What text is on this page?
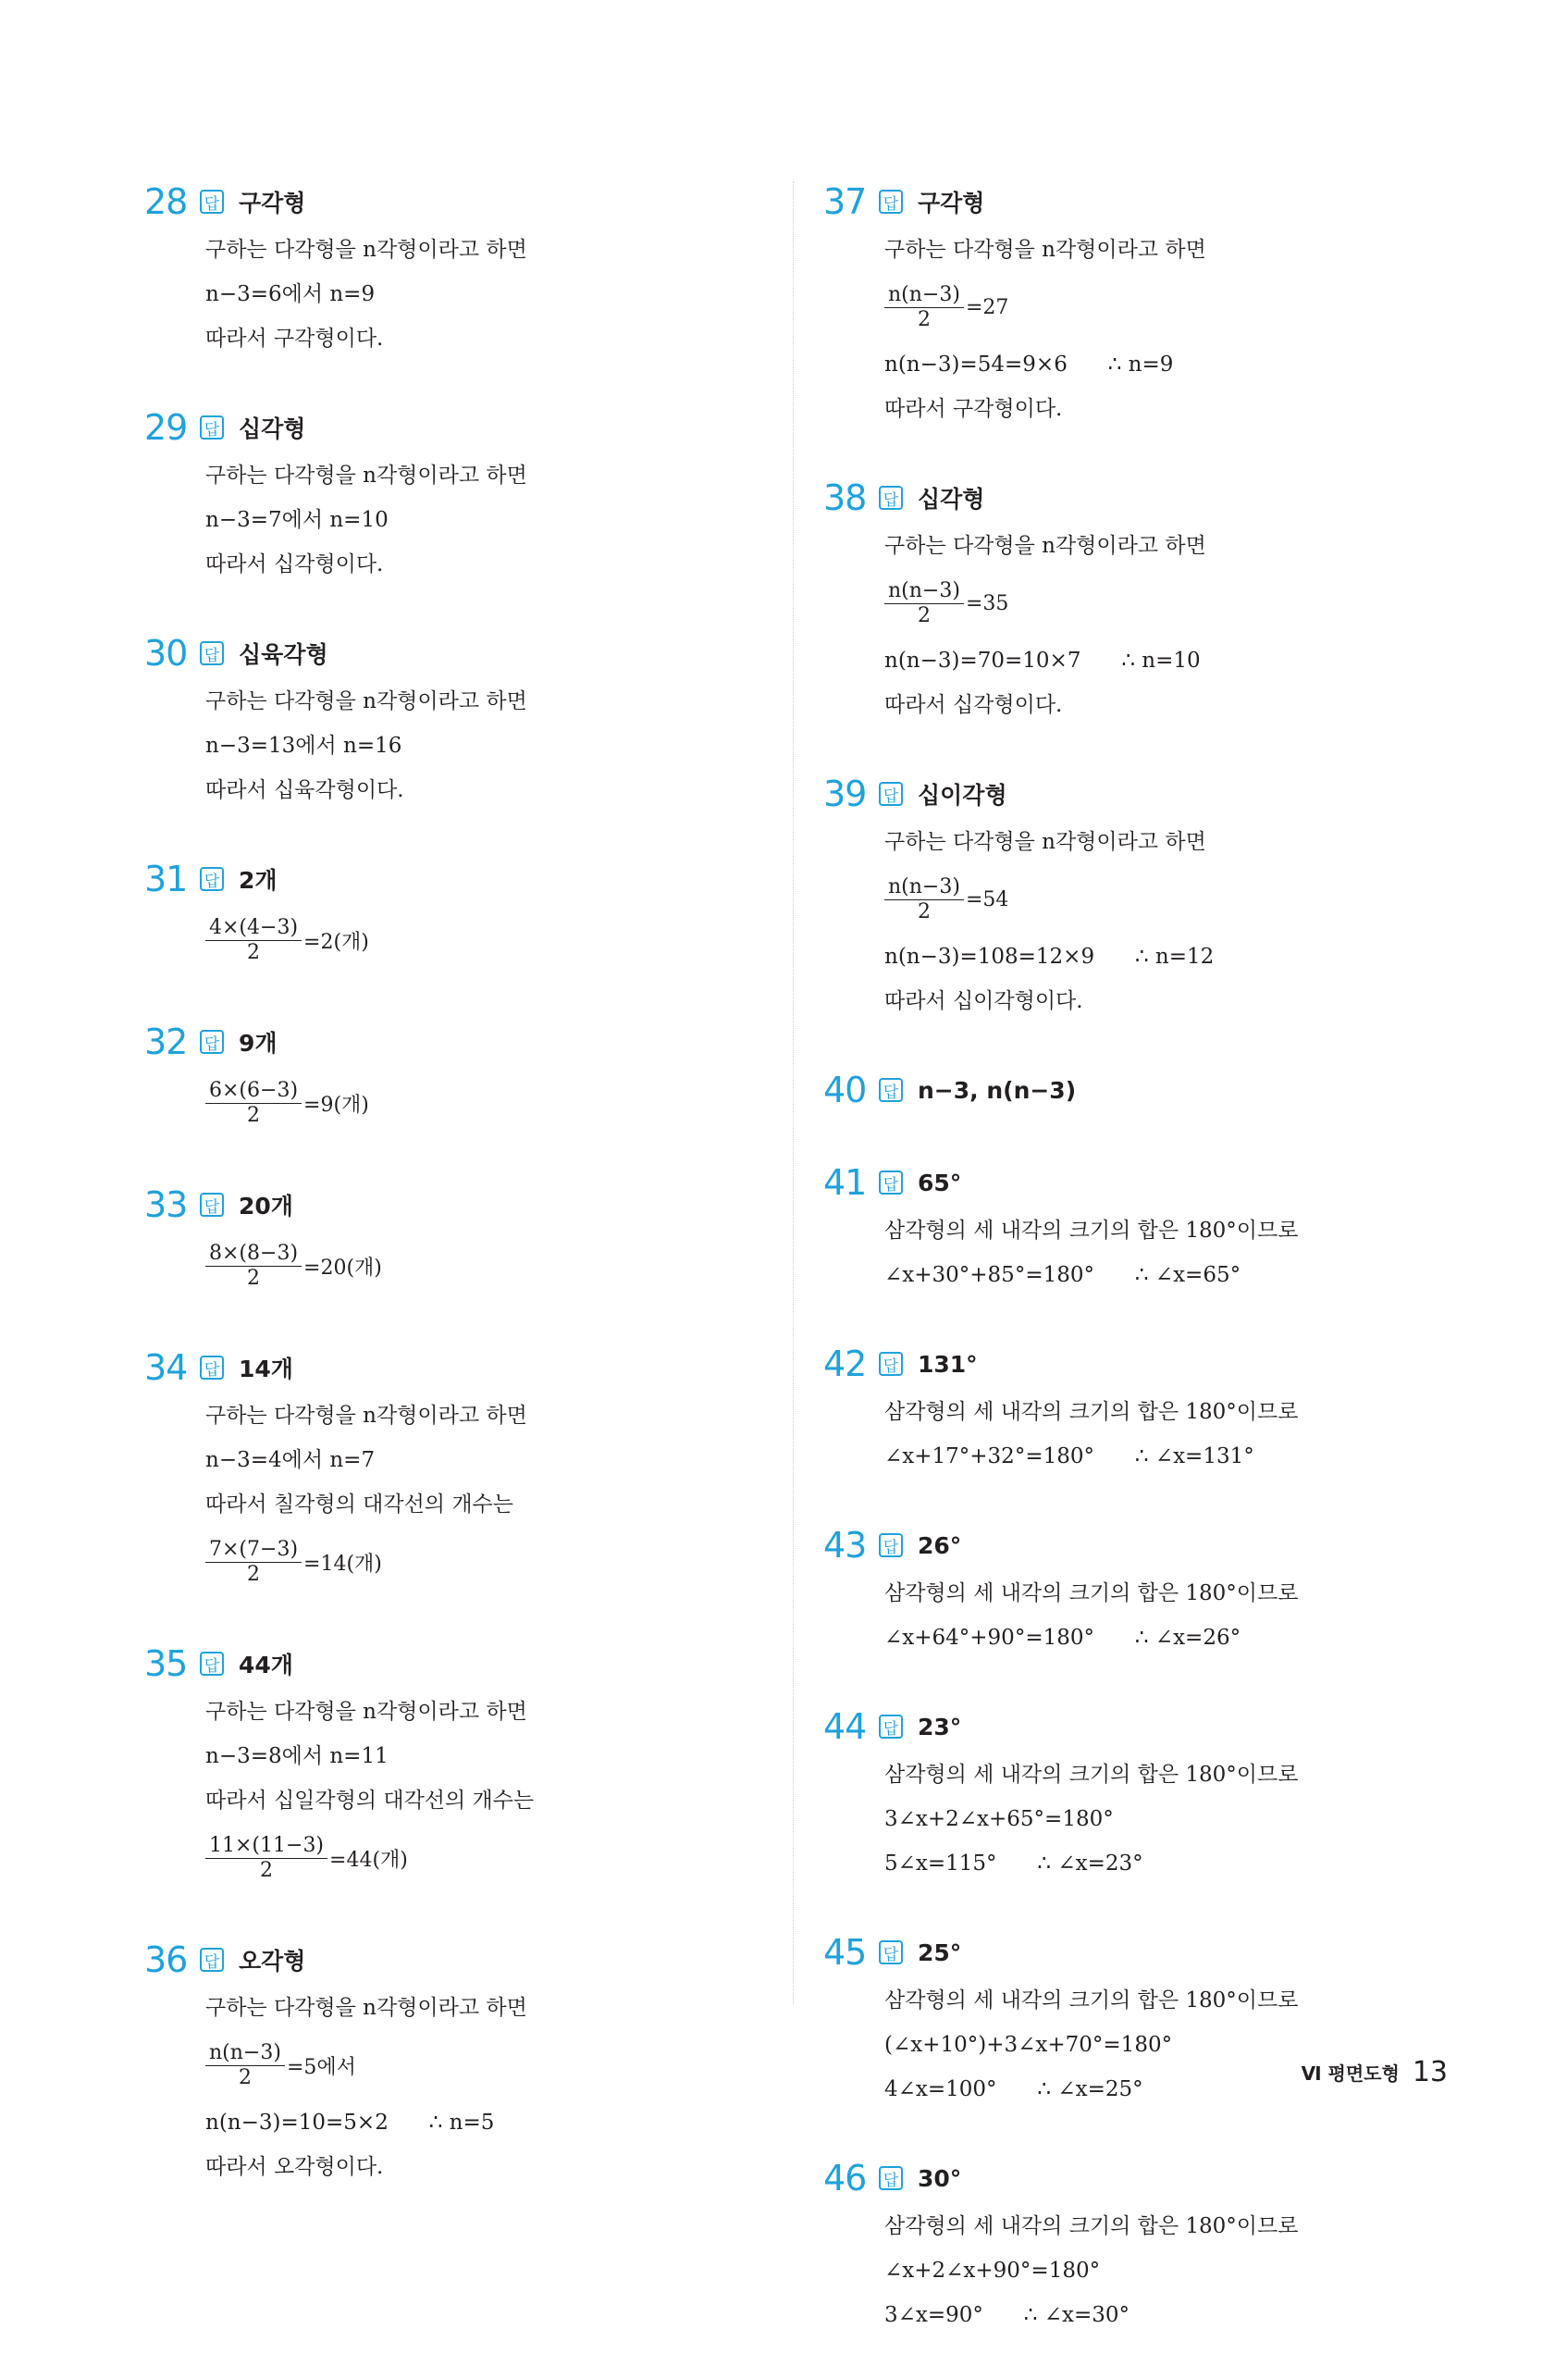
28	답 구각형
구하는 다각형을 n각형이라고 하면
n−3=6에서 n=9
따라서 구각형이다.
29	답 십각형
구하는 다각형을 n각형이라고 하면
n−3=7에서 n=10
따라서 십각형이다.
30	답 십육각형
구하는 다각형을 n각형이라고 하면
n−3=13에서 n=16
따라서 십육각형이다.
31	답 2개
$\frac{4\times(4-3)}{2} =2$(개)
32	답 9개
$\frac{6\times(6-3)}{2} =9$(개)
33	답 20개
$\frac{8\times(8-3)}{2} =20$(개)
34	답 14개
구하는 다각형을 n각형이라고 하면
n−3=4에서 n=7
따라서 칠각형의 대각선의 개수는
$\frac{7\times(7-3)}{2} =14$(개)
35	답 44개
구하는 다각형을 n각형이라고 하면
n−3=8에서 n=11
따라서 십일각형의 대각선의 개수는
$\frac{11\times(11-3)}{2} =44$(개)
36	답 오각형
구하는 다각형을 n각형이라고 하면
$\frac{n(n-3)}{2} =5$에서
n(n−3)=10=5×2      ∴ n=5
따라서 오각형이다.
37	답 구각형
구하는 다각형을 n각형이라고 하면
$\frac{n(n-3)}{2} =27$
n(n−3)=54=9×6      ∴ n=9
따라서 구각형이다.
38	답 십각형
구하는 다각형을 n각형이라고 하면
$\frac{n(n-3)}{2} =35$
n(n−3)=70=10×7      ∴ n=10
따라서 십각형이다.
39	답 십이각형
구하는 다각형을 n각형이라고 하면
$\frac{n(n-3)}{2} =54$
n(n−3)=108=12×9      ∴ n=12
따라서 십이각형이다.
40	답 n−3, n(n−3)
41	답 65°
삼각형의 세 내각의 크기의 합은 180°이므로
∠x+30°+85°=180°      ∴ ∠x=65°
42	답 131°
삼각형의 세 내각의 크기의 합은 180°이므로
∠x+17°+32°=180°      ∴ ∠x=131°
43	답 26°
삼각형의 세 내각의 크기의 합은 180°이므로
∠x+64°+90°=180°      ∴ ∠x=26°
44	답 23°
삼각형의 세 내각의 크기의 합은 180°이므로
3∠x+2∠x+65°=180°
5∠x=115°      ∴ ∠x=23°
45	답 25°
삼각형의 세 내각의 크기의 합은 180°이므로
(∠x+10°)+3∠x+70°=180°
4∠x=100°      ∴ ∠x=25°
46	답 30°
삼각형의 세 내각의 크기의 합은 180°이므로
∠x+2∠x+90°=180°
3∠x=90°      ∴ ∠x=30°
Ⅵ 평면도형 13
